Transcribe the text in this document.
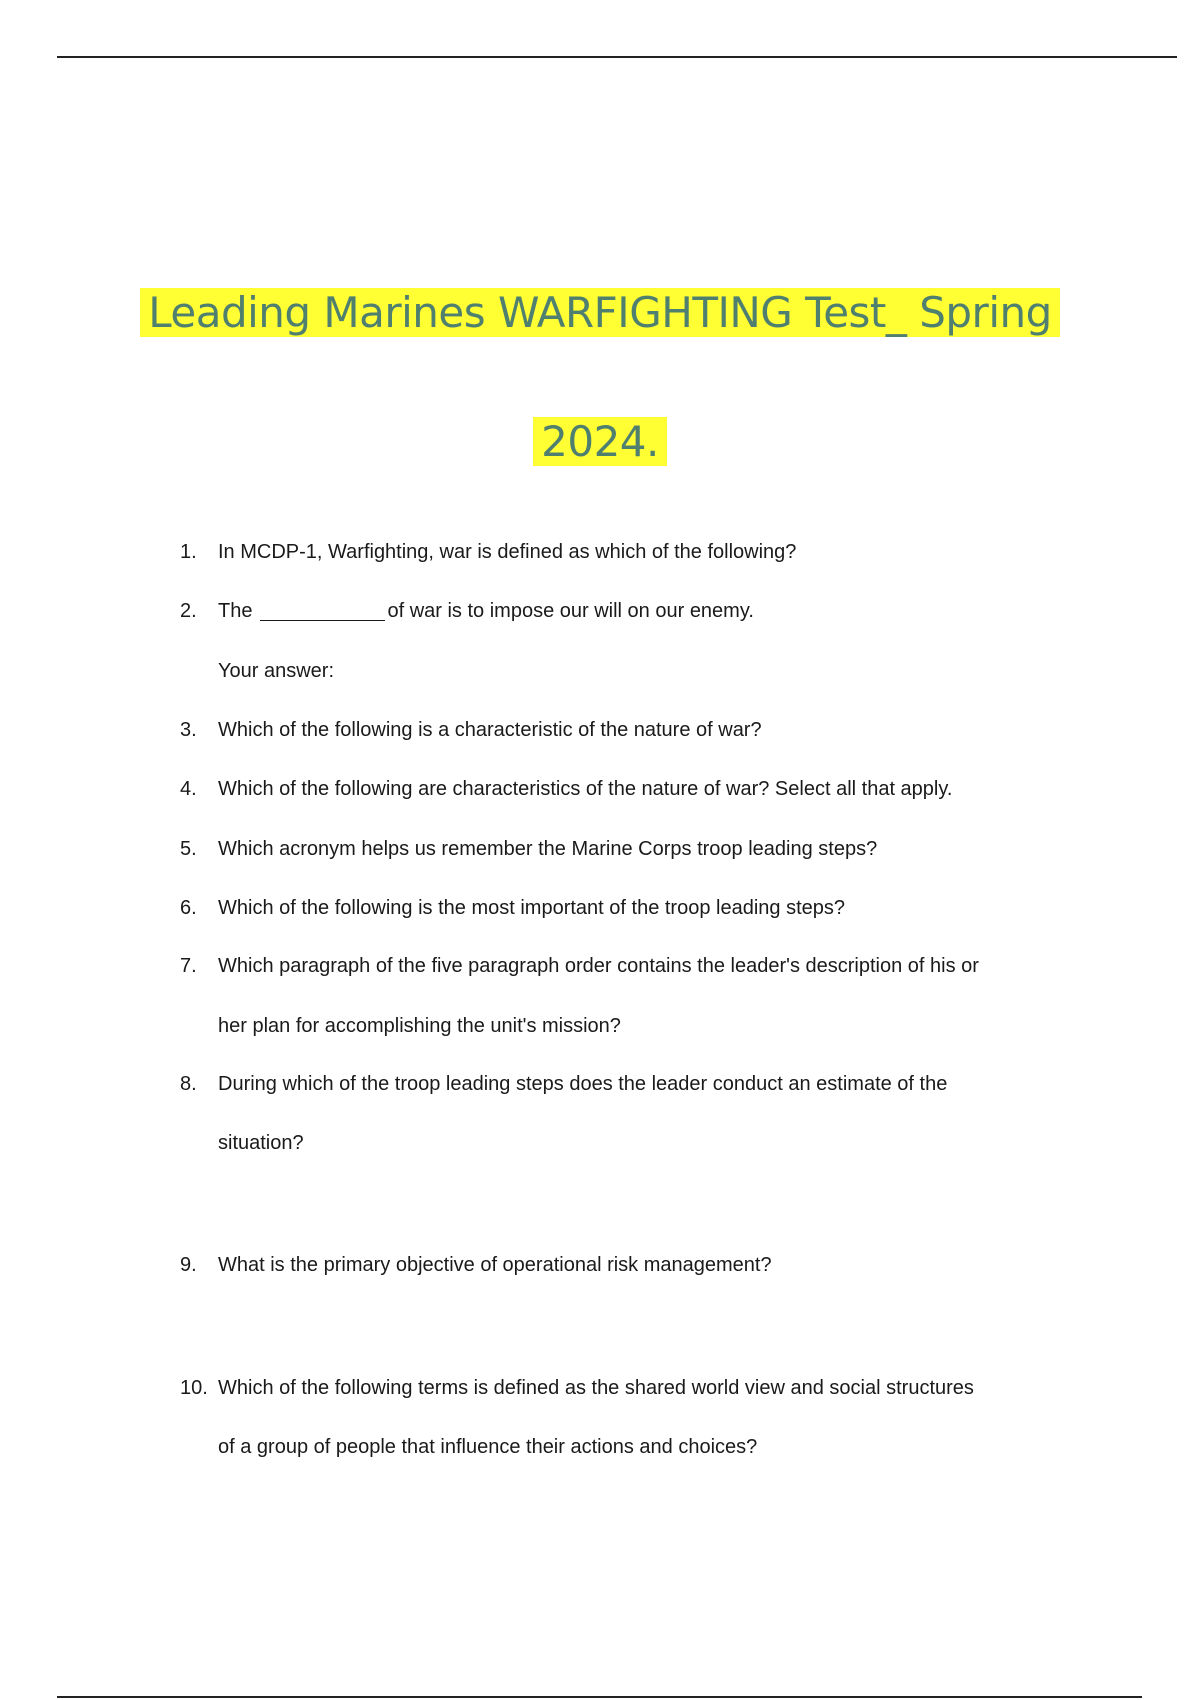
Leading Marines WARFIGHTING Test_ Spring
2024.
1.	In MCDP-1, Warfighting, war is defined as which of the following?
2.	The	of war is to impose our will on our enemy.
Your answer:
3.	Which of the following is a characteristic of the nature of war?
4.	Which of the following are characteristics of the nature of war? Select all that apply.
5.	Which acronym helps us remember the Marine Corps troop leading steps?
6.	Which of the following is the most important of the troop leading steps?
7.	Which paragraph of the five paragraph order contains the leader's description of his or
her plan for accomplishing the unit's mission?
8.	During which of the troop leading steps does the leader conduct an estimate of the
situation?
9.	What is the primary objective of operational risk management?
10. Which of the following terms is defined as the shared world view and social structures
of a group of people that influence their actions and choices?
